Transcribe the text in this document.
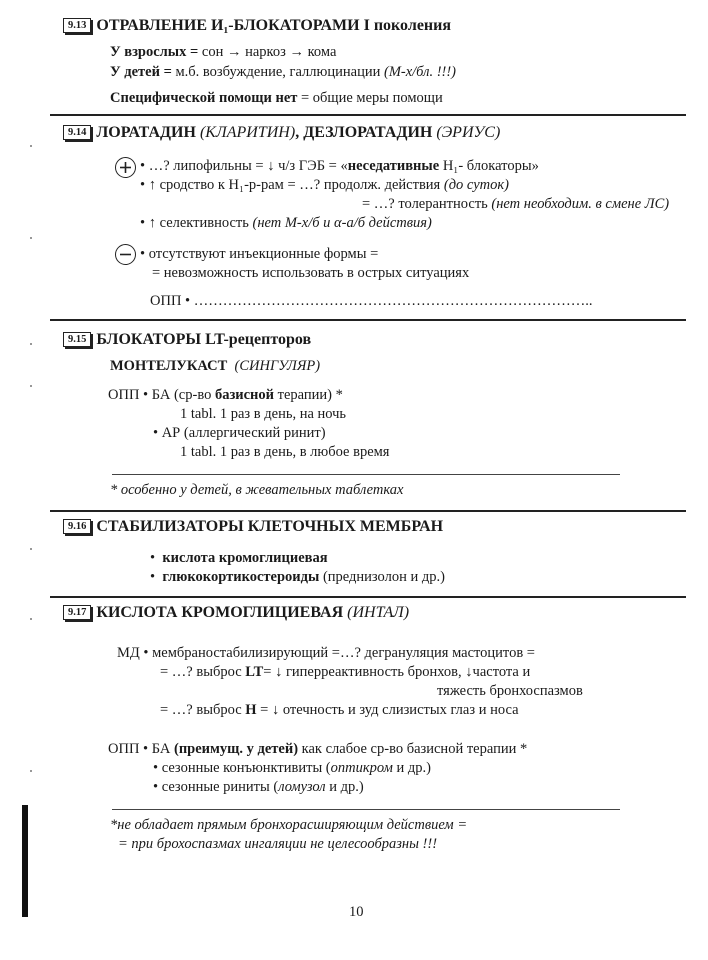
9.13 ОТРАВЛЕНИЕ И₁-БЛОКАТОРАМИ I поколения
У взрослых = сон → наркоз → кома
У детей = м.б. возбуждение, галлюцинации (М-х/бл. !!!)
Специфической помощи нет = общие меры помощи
9.14 ЛОРАТАДИН (КЛАРИТИН), ДЕЗЛОРАТАДИН (ЭРИУС)
• …? липофильны = ↓ ч/з ГЭБ = «неседативные Н₁- блокаторы»
• ↑ сродство к Н₁-р-рам = …? продолж. действия (до суток)
= …? толерантность (нет необходим. в смене ЛС)
• ↑ селективность (нет М-х/б и α-а/б действия)
• отсутствуют инъекционные формы =
= невозможность использовать в острых ситуациях
ОПП • ………………………………………………………………………..
9.15 БЛОКАТОРЫ LT-рецепторов
МОНТЕЛУКАСТ (СИНГУЛЯР)
ОПП • БА (ср-во базисной терапии) *
1 tabl. 1 раз в день, на ночь
• АР (аллергический ринит)
1 tabl. 1 раз в день, в любое время
* особенно у детей, в жевательных таблетках
9.16 СТАБИЛИЗАТОРЫ КЛЕТОЧНЫХ МЕМБРАН
•  кислота кромоглициевая
•  глюкокортикостероиды (преднизолон и др.)
9.17 КИСЛОТА КРОМОГЛИЦИЕВАЯ (ИНТАЛ)
МД • мембраностабилизирующий =…? дегрануляция мастоцитов =
= …? выброс LT= ↓ гиперреактивность бронхов, ↓частота и
тяжесть бронхоспазмов
= …? выброс Н = ↓ отечность и зуд слизистых глаз и носа
ОПП • БА (преимущ. у детей) как слабое ср-во базисной терапии *
• сезонные конъюнктивиты (оптикром и др.)
• сезонные риниты (ломузол и др.)
*не обладает прямым бронхорасширяющим действием =
= при брохоспазмах ингаляции не целесообразны !!!
10
